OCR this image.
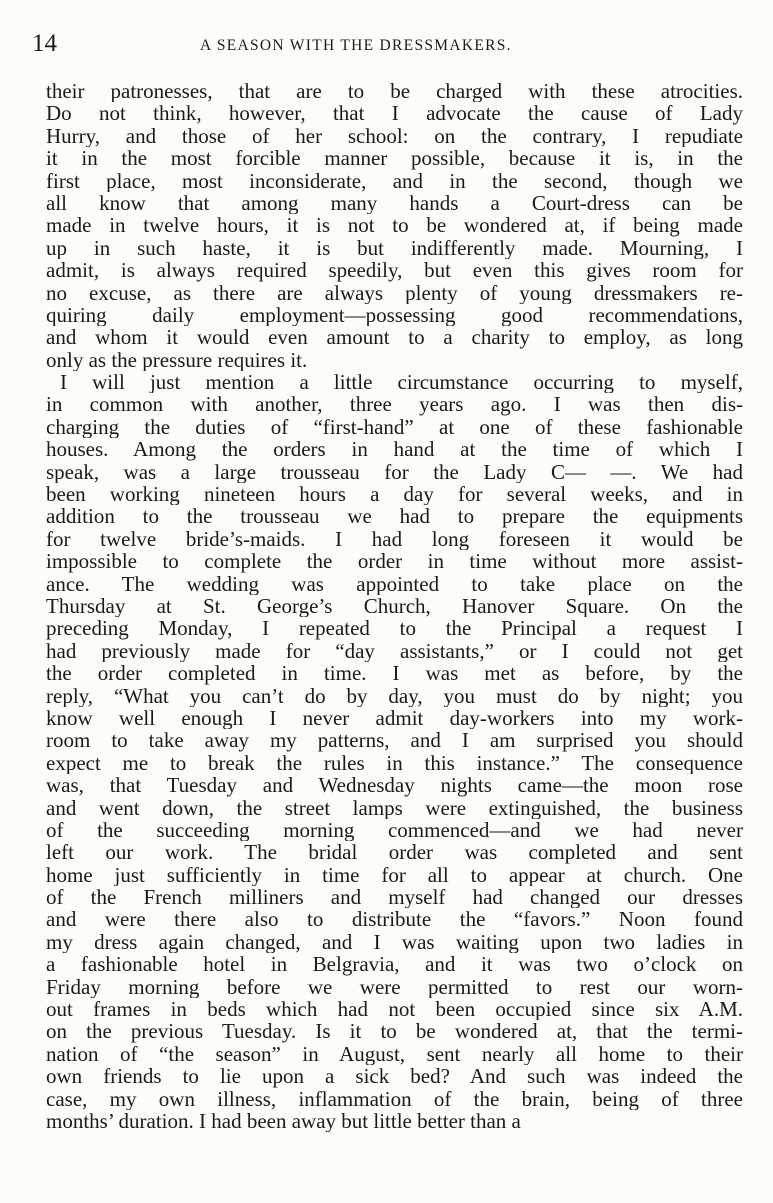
14	A SEASON WITH THE DRESSMAKERS.
their patronesses, that are to be charged with these atrocities.
Do not think, however, that I advocate the cause of Lady
Hurry, and those of her school: on the contrary, I repudiate
it in the most forcible manner possible, because it is, in the
first place, most inconsiderate, and in the second, though we
all know that among many hands a Court-dress can be
made in twelve hours, it is not to be wondered at, if being made
up in such haste, it is but indifferently made. Mourning, I
admit, is always required speedily, but even this gives room for
no excuse, as there are always plenty of young dressmakers re-
quiring daily employment—possessing good recommendations,
and whom it would even amount to a charity to employ, as long
only as the pressure requires it.
I will just mention a little circumstance occurring to myself,
in common with another, three years ago. I was then dis-
charging the duties of “first-hand” at one of these fashionable
houses. Among the orders in hand at the time of which I
speak, was a large trousseau for the Lady C— —. We had
been working nineteen hours a day for several weeks, and in
addition to the trousseau we had to prepare the equipments
for twelve bride’s-maids. I had long foreseen it would be
impossible to complete the order in time without more assist-
ance. The wedding was appointed to take place on the
Thursday at St. George’s Church, Hanover Square. On the
preceding Monday, I repeated to the Principal a request I
had previously made for “day assistants,” or I could not get
the order completed in time. I was met as before, by the
reply, “What you can’t do by day, you must do by night; you
know well enough I never admit day-workers into my work-
room to take away my patterns, and I am surprised you should
expect me to break the rules in this instance.” The consequence
was, that Tuesday and Wednesday nights came—the moon rose
and went down, the street lamps were extinguished, the business
of the succeeding morning commenced—and we had never
left our work. The bridal order was completed and sent
home just sufficiently in time for all to appear at church. One
of the French milliners and myself had changed our dresses
and were there also to distribute the “favors.” Noon found
my dress again changed, and I was waiting upon two ladies in
a fashionable hotel in Belgravia, and it was two o’clock on
Friday morning before we were permitted to rest our worn-
out frames in beds which had not been occupied since six A.M.
on the previous Tuesday. Is it to be wondered at, that the termi-
nation of “the season” in August, sent nearly all home to their
own friends to lie upon a sick bed? And such was indeed the
case, my own illness, inflammation of the brain, being of three
months’ duration. I had been away but little better than a
